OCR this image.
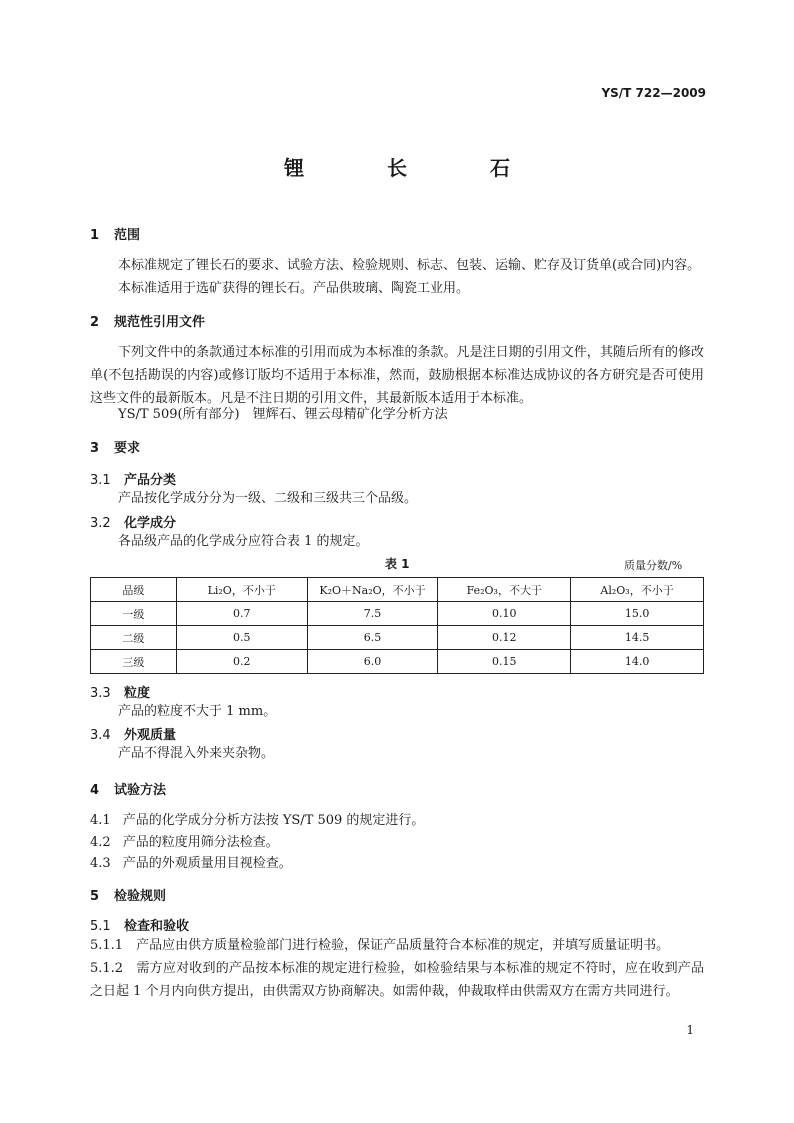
YS/T 722—2009
锂 长 石
1 范围
本标准规定了锂长石的要求、试验方法、检验规则、标志、包装、运输、贮存及订货单(或合同)内容。
本标准适用于选矿获得的锂长石。产品供玻璃、陶瓷工业用。
2 规范性引用文件
下列文件中的条款通过本标准的引用而成为本标准的条款。凡是注日期的引用文件，其随后所有的修改单(不包括勘误的内容)或修订版均不适用于本标准，然而，鼓励根据本标准达成协议的各方研究是否可使用这些文件的最新版本。凡是不注日期的引用文件，其最新版本适用于本标准。
YS/T 509(所有部分)　锂辉石、锂云母精矿化学分析方法
3 要求
3.1 产品分类
产品按化学成分分为一级、二级和三级共三个品级。
3.2 化学成分
各品级产品的化学成分应符合表 1 的规定。
表 1	质量分数/%
品级	Li₂O，不小于	K₂O＋Na₂O，不小于	Fe₂O₃，不大于	Al₂O₃，不小于
一级	0.7	7.5	0.10	15.0
二级	0.5	6.5	0.12	14.5
三级	0.2	6.0	0.15	14.0
3.3 粒度
产品的粒度不大于 1 mm。
3.4 外观质量
产品不得混入外来夹杂物。
4 试验方法
4.1 产品的化学成分分析方法按 YS/T 509 的规定进行。
4.2 产品的粒度用筛分法检查。
4.3 产品的外观质量用目视检查。
5 检验规则
5.1 检查和验收
5.1.1　 产品应由供方质量检验部门进行检验，保证产品质量符合本标准的规定，并填写质量证明书。
5.1.2　 需方应对收到的产品按本标准的规定进行检验，如检验结果与本标准的规定不符时，应在收到产品之日起 1 个月内向供方提出，由供需双方协商解决。如需仲裁，仲裁取样由供需双方在需方共同进行。
1
